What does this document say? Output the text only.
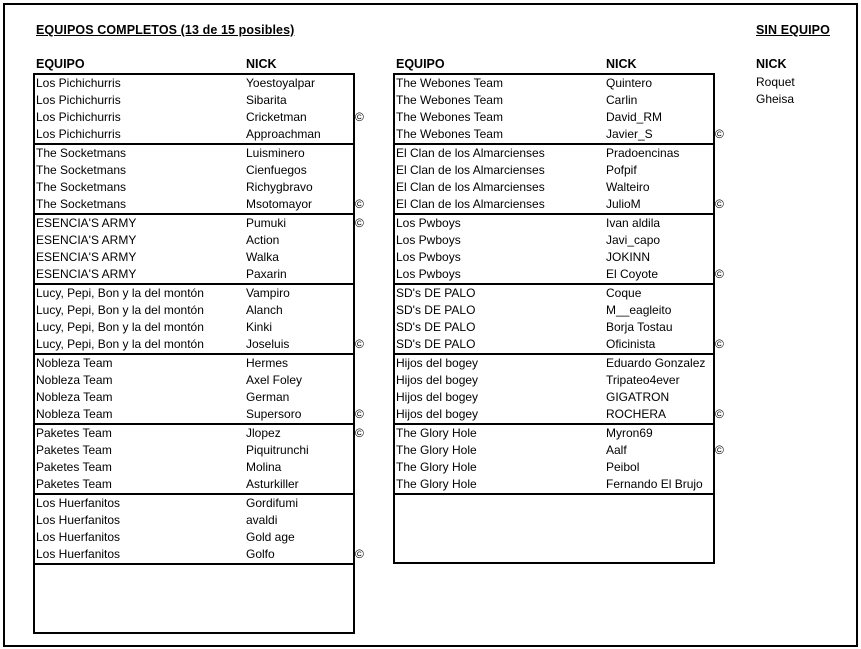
EQUIPOS COMPLETOS (13 de 15 posibles)	SIN EQUIPO
EQUIPO	NICK	EQUIPO	NICK	NICK
Los Pichichurris	Yoestoyalpar
Los Pichichurris	Sibarita
Los Pichichurris	Cricketman	©
Los Pichichurris	Approachman
The Socketmans	Luisminero
The Socketmans	Cienfuegos
The Socketmans	Richygbravo
The Socketmans	Msotomayor	©
ESENCIA'S ARMY	Pumuki	©
ESENCIA'S ARMY	Action
ESENCIA'S ARMY	Walka
ESENCIA'S ARMY	Paxarin
Lucy, Pepi, Bon y la del montón	Vampiro
Lucy, Pepi, Bon y la del montón	Alanch
Lucy, Pepi, Bon y la del montón	Kinki
Lucy, Pepi, Bon y la del montón	Joseluis	©
Nobleza Team	Hermes
Nobleza Team	Axel Foley
Nobleza Team	German
Nobleza Team	Supersoro	©
Paketes Team	Jlopez	©
Paketes Team	Piquitrunchi
Paketes Team	Molina
Paketes Team	Asturkiller
Los Huerfanitos	Gordifumi
Los Huerfanitos	avaldi
Los Huerfanitos	Gold age
Los Huerfanitos	Golfo	©
The Webones Team	Quintero
The Webones Team	Carlin
The Webones Team	David_RM
The Webones Team	Javier_S	©
El Clan de los Almarcienses	Pradoencinas
El Clan de los Almarcienses	Pofpif
El Clan de los Almarcienses	Walteiro
El Clan de los Almarcienses	JulioM	©
Los Pwboys	Ivan aldila
Los Pwboys	Javi_capo
Los Pwboys	JOKINN
Los Pwboys	El Coyote	©
SD's DE PALO	Coque
SD's DE PALO	M__eagleito
SD's DE PALO	Borja Tostau
SD's DE PALO	Oficinista	©
Hijos del bogey	Eduardo Gonzalez
Hijos del bogey	Tripateo4ever
Hijos del bogey	GIGATRON
Hijos del bogey	ROCHERA	©
The Glory Hole	Myron69
The Glory Hole	Aalf	©
The Glory Hole	Peibol
The Glory Hole	Fernando El Brujo
Roquet
Gheisa
